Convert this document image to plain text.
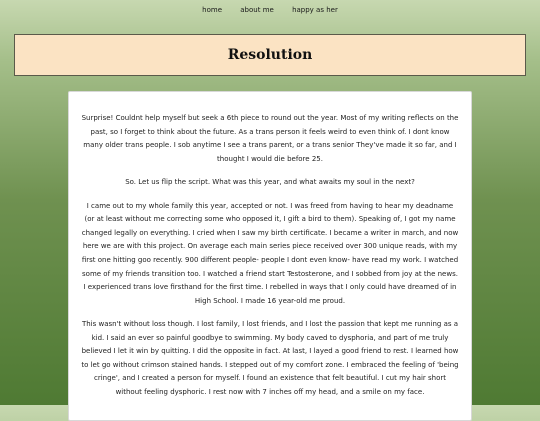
home	about me	happy as her
Resolution

Surprise! Couldnt help myself but seek a 6th piece to round out the year. Most of my writing reflects on the past, so I forget to think about the future. As a trans person it feels weird to even think of. I dont know many older trans people. I sob anytime I see a trans parent, or a trans senior They've made it so far, and I thought I would die before 25.

So. Let us flip the script. What was this year, and what awaits my soul in the next?

I came out to my whole family this year, accepted or not. I was freed from having to hear my deadname (or at least without me correcting some who opposed it, I gift a bird to them). Speaking of, I got my name changed legally on everything. I cried when I saw my birth certificate. I became a writer in march, and now here we are with this project. On average each main series piece received over 300 unique reads, with my first one hitting goo recently. 900 different people- people I dont even know- have read my work. I watched some of my friends transition too. I watched a friend start Testosterone, and I sobbed from joy at the news. I experienced trans love firsthand for the first time. I rebelled in ways that I only could have dreamed of in High School. I made 16 year-old me proud.

This wasn't without loss though. I lost family, I lost friends, and I lost the passion that kept me running as a kid. I said an ever so painful goodbye to swimming. My body caved to dysphoria, and part of me truly believed I let it win by quitting. I did the opposite in fact. At last, I layed a good friend to rest. I learned how to let go without crimson stained hands. I stepped out of my comfort zone. I embraced the feeling of 'being cringe', and I created a person for myself. I found an existence that felt beautiful. I cut my hair short without feeling dysphoric. I rest now with 7 inches off my head, and a smile on my face.
